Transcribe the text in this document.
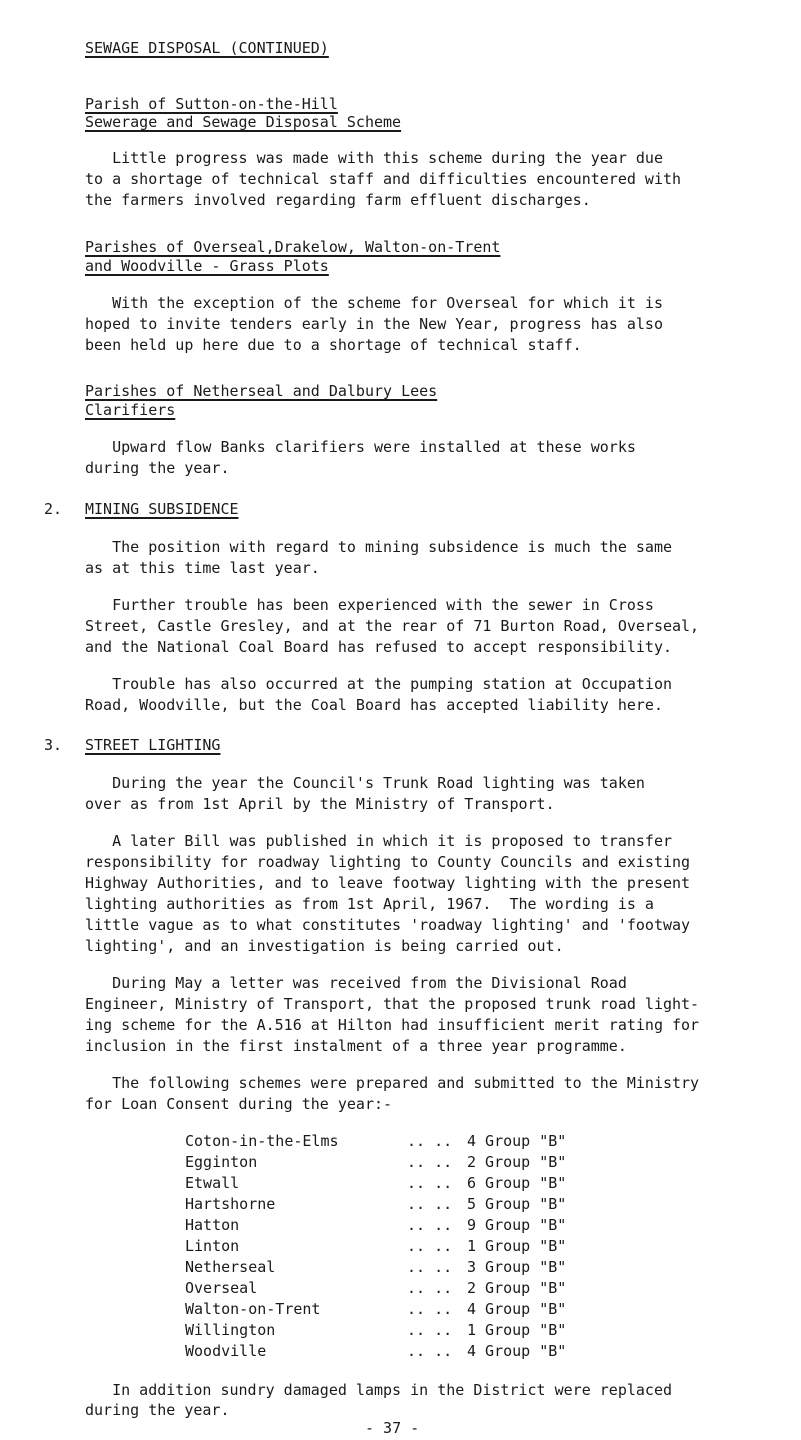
SEWAGE DISPOSAL (CONTINUED)
Parish of Sutton-on-the-Hill
Sewerage and Sewage Disposal Scheme
Little progress was made with this scheme during the year due
to a shortage of technical staff and difficulties encountered with
the farmers involved regarding farm effluent discharges.
Parishes of Overseal,Drakelow, Walton-on-Trent
and Woodville - Grass Plots
With the exception of the scheme for Overseal for which it is
hoped to invite tenders early in the New Year, progress has also
been held up here due to a shortage of technical staff.
Parishes of Netherseal and Dalbury Lees
Clarifiers
Upward flow Banks clarifiers were installed at these works
during the year.
2. MINING SUBSIDENCE
The position with regard to mining subsidence is much the same
as at this time last year.
Further trouble has been experienced with the sewer in Cross
Street, Castle Gresley, and at the rear of 71 Burton Road, Overseal,
and the National Coal Board has refused to accept responsibility.
Trouble has also occurred at the pumping station at Occupation
Road, Woodville, but the Coal Board has accepted liability here.
3. STREET LIGHTING
During the year the Council's Trunk Road lighting was taken
over as from 1st April by the Ministry of Transport.
A later Bill was published in which it is proposed to transfer
responsibility for roadway lighting to County Councils and existing
Highway Authorities, and to leave footway lighting with the present
lighting authorities as from 1st April, 1967.  The wording is a
little vague as to what constitutes 'roadway lighting' and 'footway
lighting', and an investigation is being carried out.
During May a letter was received from the Divisional Road
Engineer, Ministry of Transport, that the proposed trunk road light-
ing scheme for the A.516 at Hilton had insufficient merit rating for
inclusion in the first instalment of a three year programme.
The following schemes were prepared and submitted to the Ministry
for Loan Consent during the year:-
Coton-in-the-Elms	.. .. 4 Group "B"
Egginton	.. .. 2 Group "B"
Etwall	.. .. 6 Group "B"
Hartshorne	.. .. 5 Group "B"
Hatton	.. .. 9 Group "B"
Linton	.. .. 1 Group "B"
Netherseal	.. .. 3 Group "B"
Overseal	.. .. 2 Group "B"
Walton-on-Trent	.. .. 4 Group "B"
Willington	.. .. 1 Group "B"
Woodville	.. .. 4 Group "B"
In addition sundry damaged lamps in the District were replaced
during the year.
- 37 -
